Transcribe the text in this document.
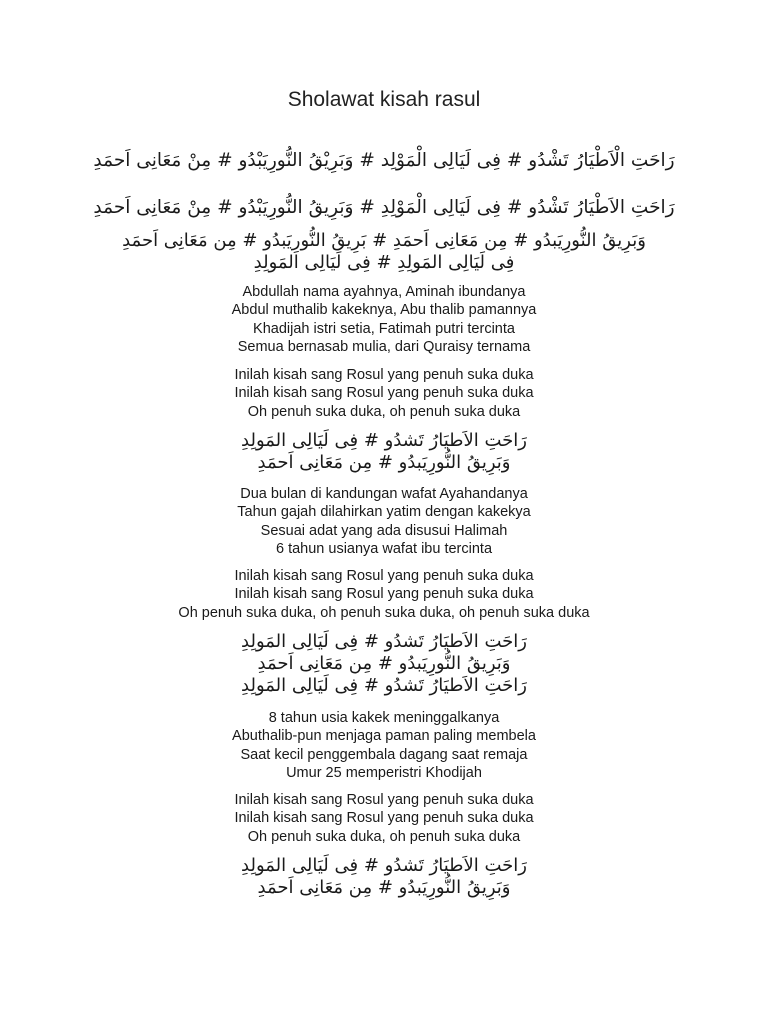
Sholawat kisah rasul
رَاحَتِ الْاَطْيَارُ تَشْدُو # فِى لَيَالِى الْمَوْلِد # وَبَرِيْقُ النُّورِيَبْدُو # مِنْ مَعَانِى اَحمَدِ
رَاحَتِ الاَطْيَارُ تَشْدُو # فِى لَيَالِى الْمَوْلِدِ # وَبَرِيقُ النُّورِيَبْدُو # مِنْ مَعَانِى اَحمَدِ
وَبَرِيقُ النُّورِيَبدُو # مِن مَعَانِى اَحمَدِ # بَرِيقُ النُّورِيَبدُو # مِن مَعَانِى اَحمَدِ
فِى لَيَالِى المَولِدِ # فِى لَيَالِى المَولِدِ
Abdullah nama ayahnya, Aminah ibundanya
Abdul muthalib kakeknya, Abu thalib pamannya
Khadijah istri setia, Fatimah putri tercinta
Semua bernasab mulia, dari Quraisy ternama
Inilah kisah sang Rosul yang penuh suka duka
Inilah kisah sang Rosul yang penuh suka duka
Oh penuh suka duka, oh penuh suka duka
رَاحَتِ الاَطيَارُ تَشدُو # فِى لَيَالِى المَولِدِ
وَبَرِيقُ النُّورِيَبدُو # مِن مَعَانِى اَحمَدِ
Dua bulan di kandungan wafat Ayahandanya
Tahun gajah dilahirkan yatim dengan kakekya
Sesuai adat yang ada disusui Halimah
6 tahun usianya wafat ibu tercinta
Inilah kisah sang Rosul yang penuh suka duka
Inilah kisah sang Rosul yang penuh suka duka
Oh penuh suka duka, oh penuh suka duka, oh penuh suka duka
رَاحَتِ الاَطيَارُ تَشدُو # فِى لَيَالِى المَولِدِ
وَبَرِيقُ النُّورِيَبدُو # مِن مَعَانِى اَحمَدِ
رَاحَتِ الاَطيَارُ تَشدُو # فِى لَيَالِى المَولِدِ
8 tahun usia kakek meninggalkanya
Abuthalib-pun menjaga paman paling membela
Saat kecil penggembala dagang saat remaja
Umur 25 memperistri Khodijah
Inilah kisah sang Rosul yang penuh suka duka
Inilah kisah sang Rosul yang penuh suka duka
Oh penuh suka duka, oh penuh suka duka
رَاحَتِ الاَطيَارُ تَشدُو # فِى لَيَالِى المَولِدِ
وَبَرِيقُ النُّورِيَبدُو # مِن مَعَانِى اَحمَدِ
